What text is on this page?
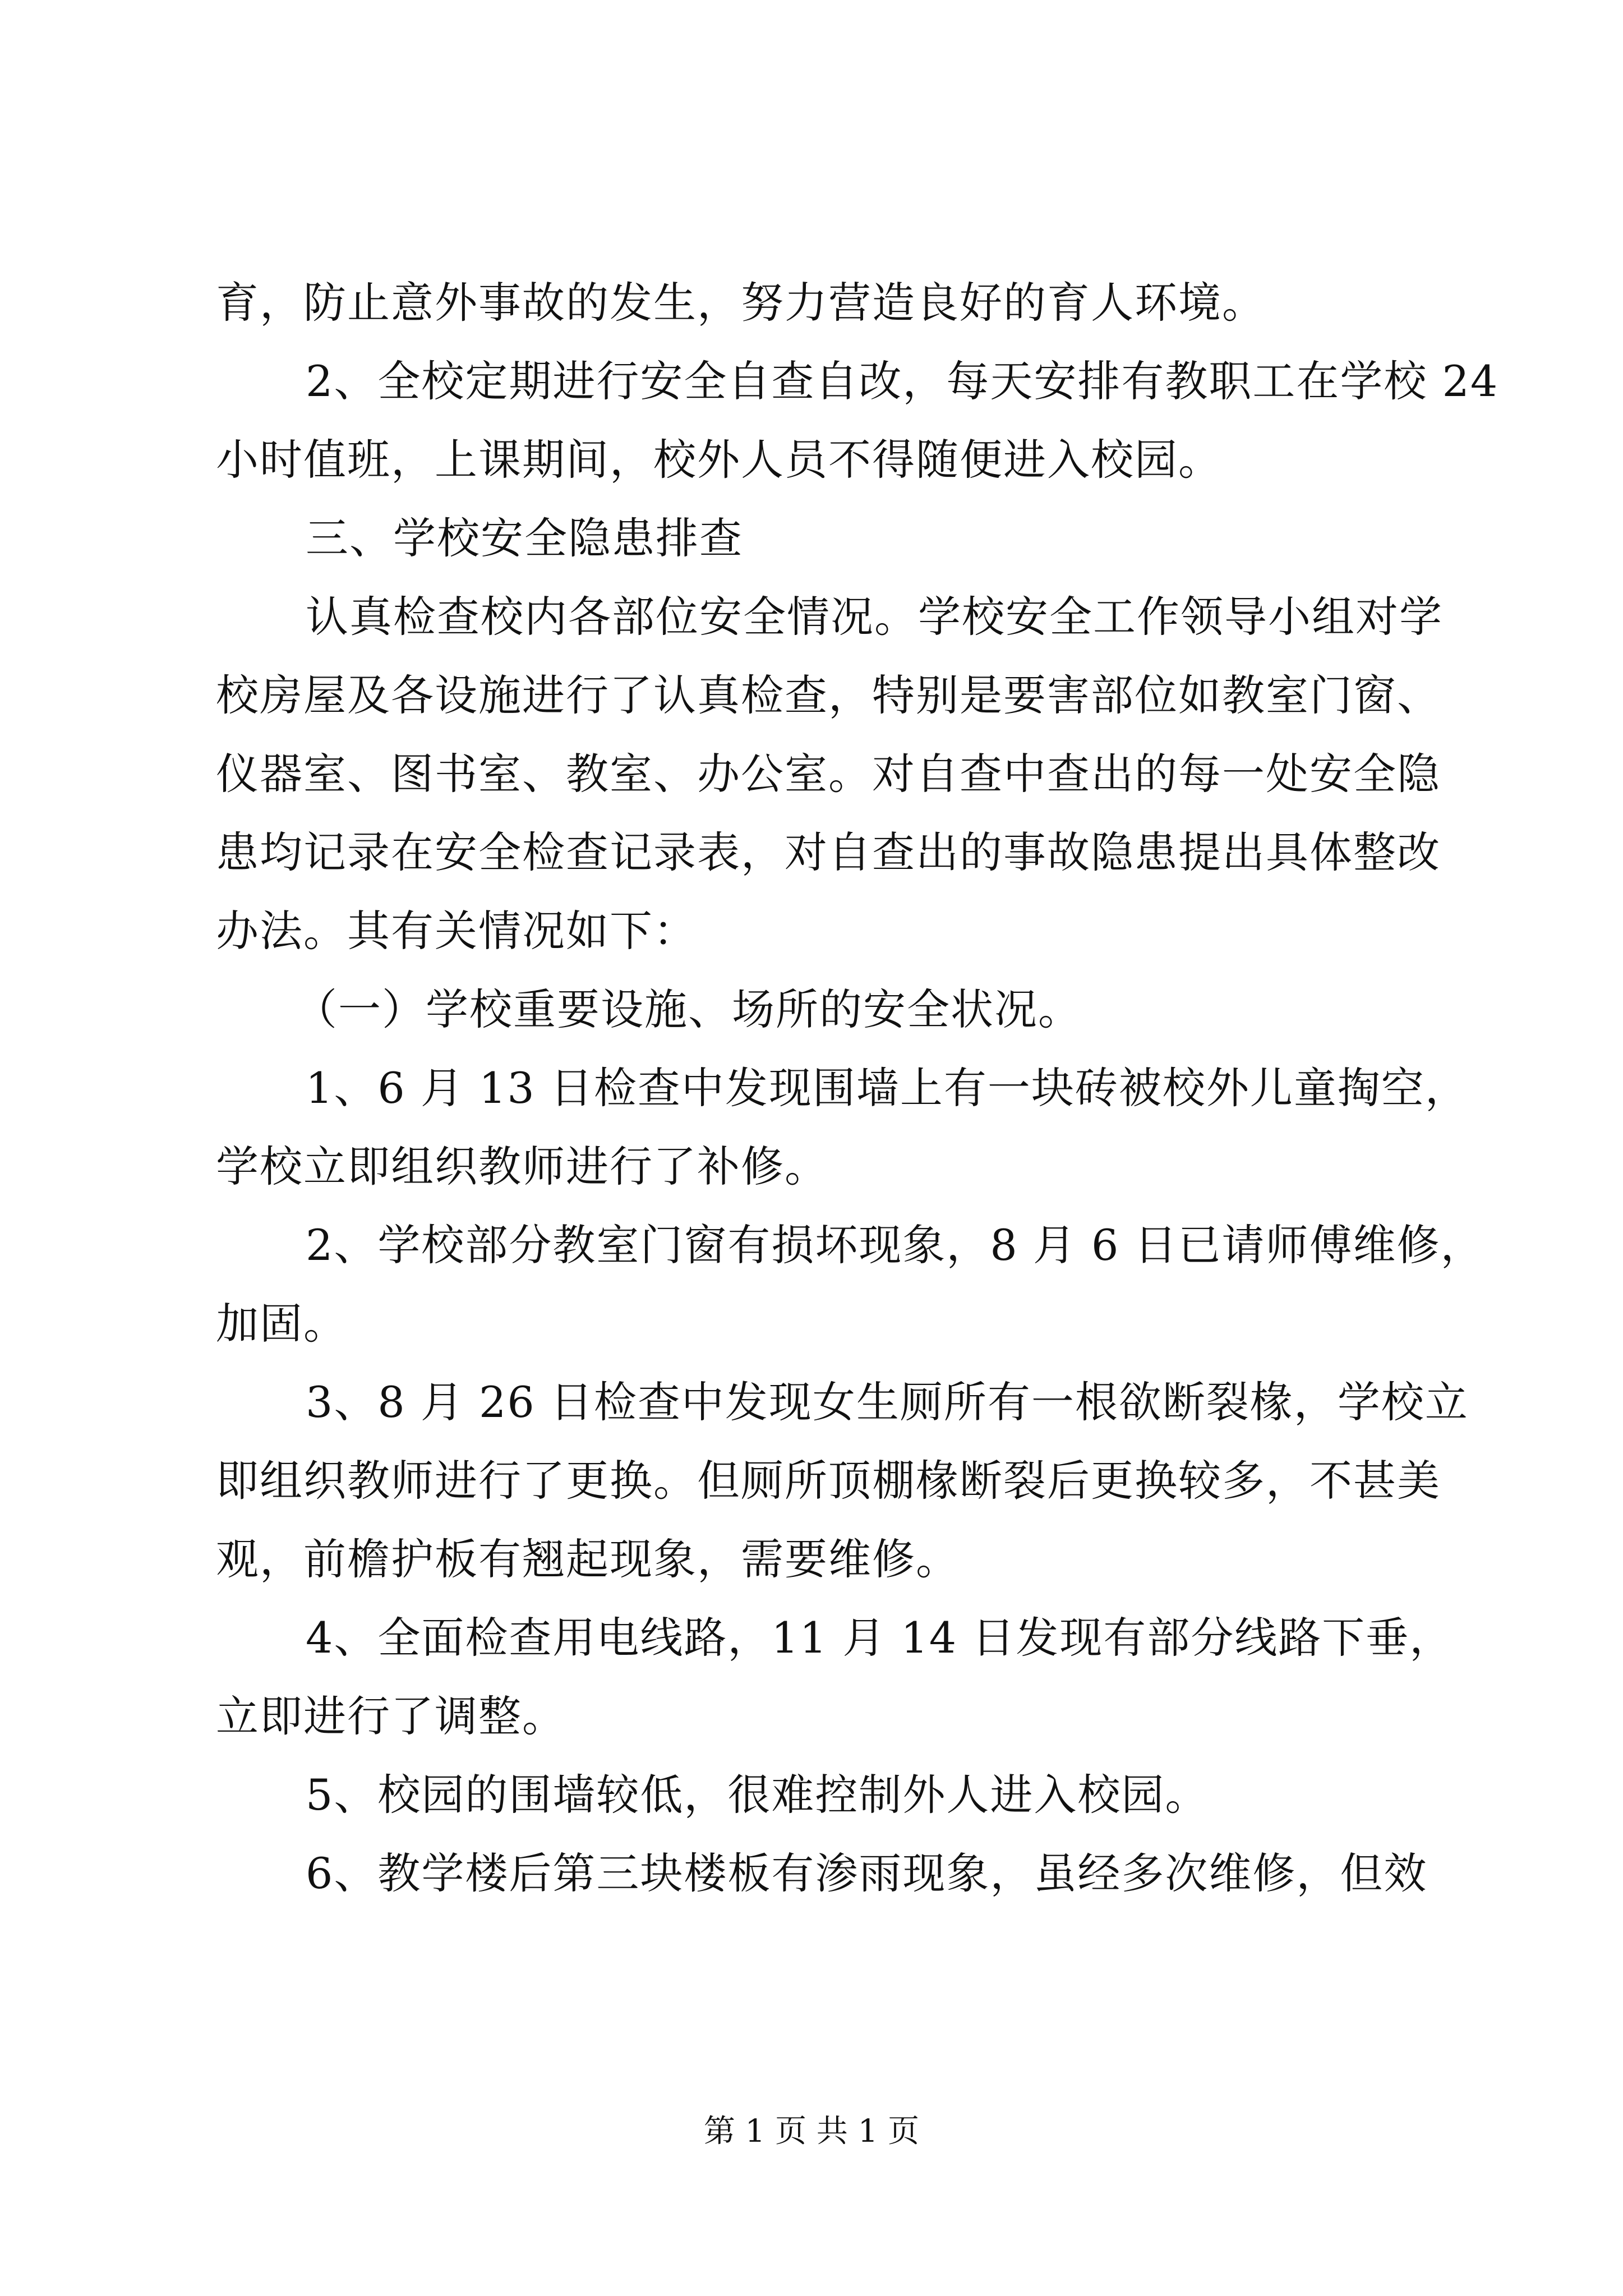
育，防止意外事故的发生，努力营造良好的育人环境。
2、全校定期进行安全自查自改，每天安排有教职工在学校 24
小时值班，上课期间，校外人员不得随便进入校园。
三、学校安全隐患排查
认真检查校内各部位安全情况。学校安全工作领导小组对学
校房屋及各设施进行了认真检查，特别是要害部位如教室门窗、
仪器室、图书室、教室、办公室。对自查中查出的每一处安全隐
患均记录在安全检查记录表，对自查出的事故隐患提出具体整改
办法。其有关情况如下：
（一）学校重要设施、场所的安全状况。
1、6 月 13 日检查中发现围墙上有一块砖被校外儿童掏空，
学校立即组织教师进行了补修。
2、学校部分教室门窗有损坏现象，8 月 6 日已请师傅维修，
加固。
3、8 月 26 日检查中发现女生厕所有一根欲断裂椽，学校立
即组织教师进行了更换。但厕所顶棚椽断裂后更换较多，不甚美
观，前檐护板有翘起现象，需要维修。
4、全面检查用电线路，11 月 14 日发现有部分线路下垂，
立即进行了调整。
5、校园的围墙较低，很难控制外人进入校园。
6、教学楼后第三块楼板有渗雨现象，虽经多次维修，但效
第 1 页 共 1 页
